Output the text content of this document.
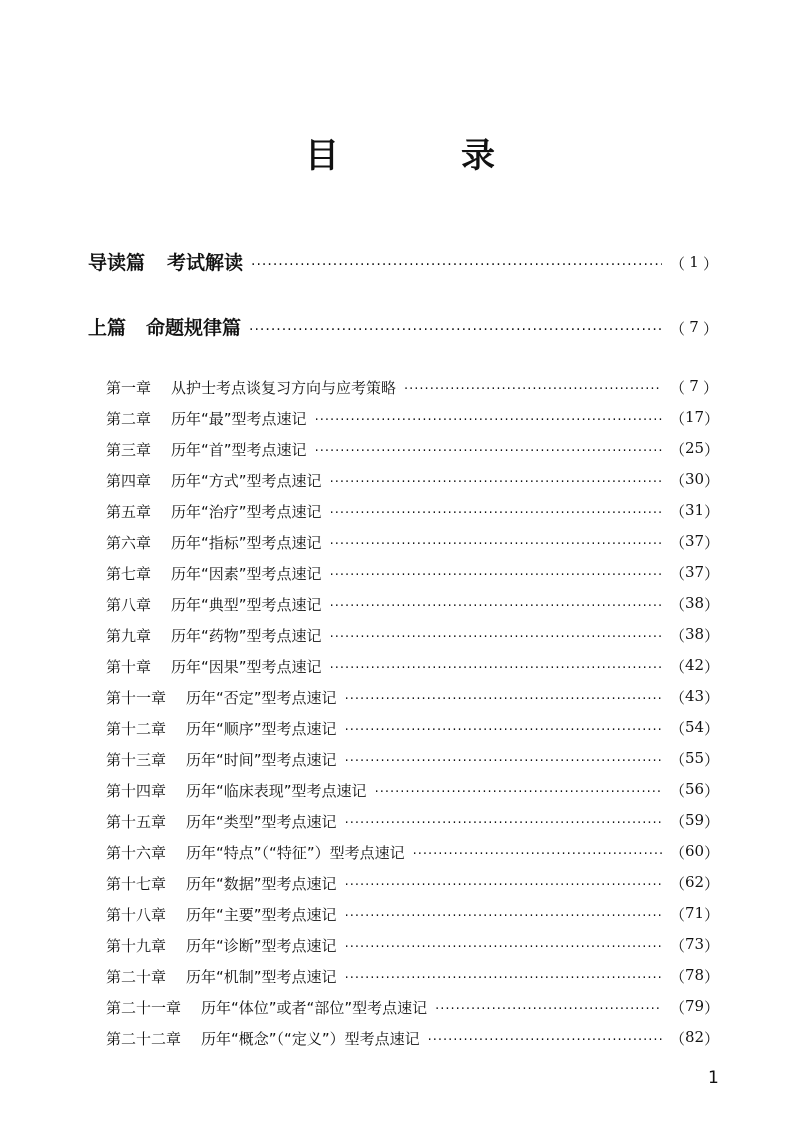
目　录
导读篇 考试解读 ·····	（ 1 ）
上篇 命题规律篇 ·····	（ 7 ）
第一章 从护士考点谈复习方向与应考策略 ·····	（ 7 ）
第二章 历年“最”型考点速记 ·····	（ 17 ）
第三章 历年“首”型考点速记 ·····	（ 25 ）
第四章 历年“方式”型考点速记 ·····	（ 30 ）
第五章 历年“治疗”型考点速记 ·····	（ 31 ）
第六章 历年“指标”型考点速记 ·····	（ 37 ）
第七章 历年“因素”型考点速记 ·····	（ 37 ）
第八章 历年“典型”型考点速记 ·····	（ 38 ）
第九章 历年“药物”型考点速记 ·····	（ 38 ）
第十章 历年“因果”型考点速记 ·····	（ 42 ）
第十一章 历年“否定”型考点速记 ·····	（ 43 ）
第十二章 历年“顺序”型考点速记 ·····	（ 54 ）
第十三章 历年“时间”型考点速记 ·····	（ 55 ）
第十四章 历年“临床表现”型考点速记 ·····	（ 56 ）
第十五章 历年“类型”型考点速记 ·····	（ 59 ）
第十六章 历年“特点”（“特征”）型考点速记 ·····	（ 60 ）
第十七章 历年“数据”型考点速记 ·····	（ 62 ）
第十八章 历年“主要”型考点速记 ·····	（ 71 ）
第十九章 历年“诊断”型考点速记 ·····	（ 73 ）
第二十章 历年“机制”型考点速记 ·····	（ 78 ）
第二十一章 历年“体位”或者“部位”型考点速记 ·····	（ 79 ）
第二十二章 历年“概念”（“定义”）型考点速记 ·····	（ 82 ）
1
